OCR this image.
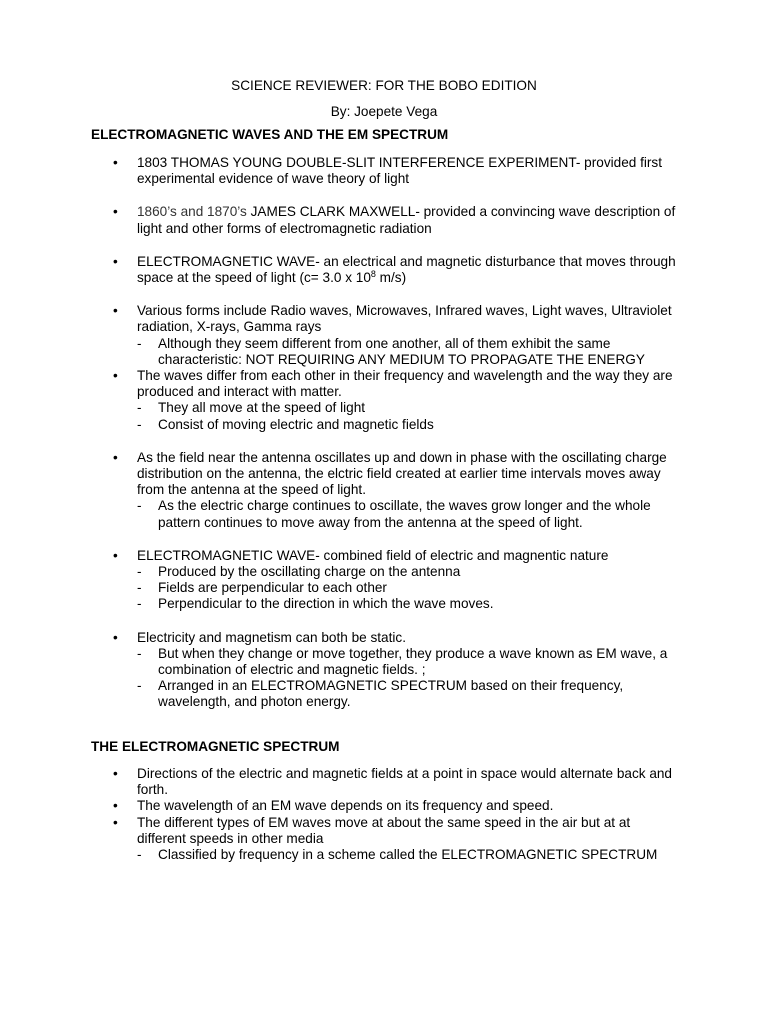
SCIENCE REVIEWER: FOR THE BOBO EDITION
By: Joepete Vega
ELECTROMAGNETIC WAVES AND THE EM SPECTRUM
• 1803 THOMAS YOUNG DOUBLE-SLIT INTERFERENCE EXPERIMENT- provided first experimental evidence of wave theory of light
• 1860’s and 1870’s JAMES CLARK MAXWELL- provided a convincing wave description of light and other forms of electromagnetic radiation
• ELECTROMAGNETIC WAVE- an electrical and magnetic disturbance that moves through space at the speed of light (c= 3.0 x $10^8$ m/s)
• Various forms include Radio waves, Microwaves, Infrared waves, Light waves, Ultraviolet radiation, X-rays, Gamma rays
- Although they seem different from one another, all of them exhibit the same characteristic: NOT REQUIRING ANY MEDIUM TO PROPAGATE THE ENERGY
• The waves differ from each other in their frequency and wavelength and the way they are produced and interact with matter.
- They all move at the speed of light
- Consist of moving electric and magnetic fields
• As the field near the antenna oscillates up and down in phase with the oscillating charge distribution on the antenna, the elctric field created at earlier time intervals moves away from the antenna at the speed of light.
- As the electric charge continues to oscillate, the waves grow longer and the whole pattern continues to move away from the antenna at the speed of light.
• ELECTROMAGNETIC WAVE- combined field of electric and magnentic nature
- Produced by the oscillating charge on the antenna
- Fields are perpendicular to each other
- Perpendicular to the direction in which the wave moves.
• Electricity and magnetism can both be static.
- But when they change or move together, they produce a wave known as EM wave, a combination of electric and magnetic fields. ;
- Arranged in an ELECTROMAGNETIC SPECTRUM based on their frequency, wavelength, and photon energy.
THE ELECTROMAGNETIC SPECTRUM
• Directions of the electric and magnetic fields at a point in space would alternate back and forth.
• The wavelength of an EM wave depends on its frequency and speed.
• The different types of EM waves move at about the same speed in the air but at at different speeds in other media
- Classified by frequency in a scheme called the ELECTROMAGNETIC SPECTRUM
